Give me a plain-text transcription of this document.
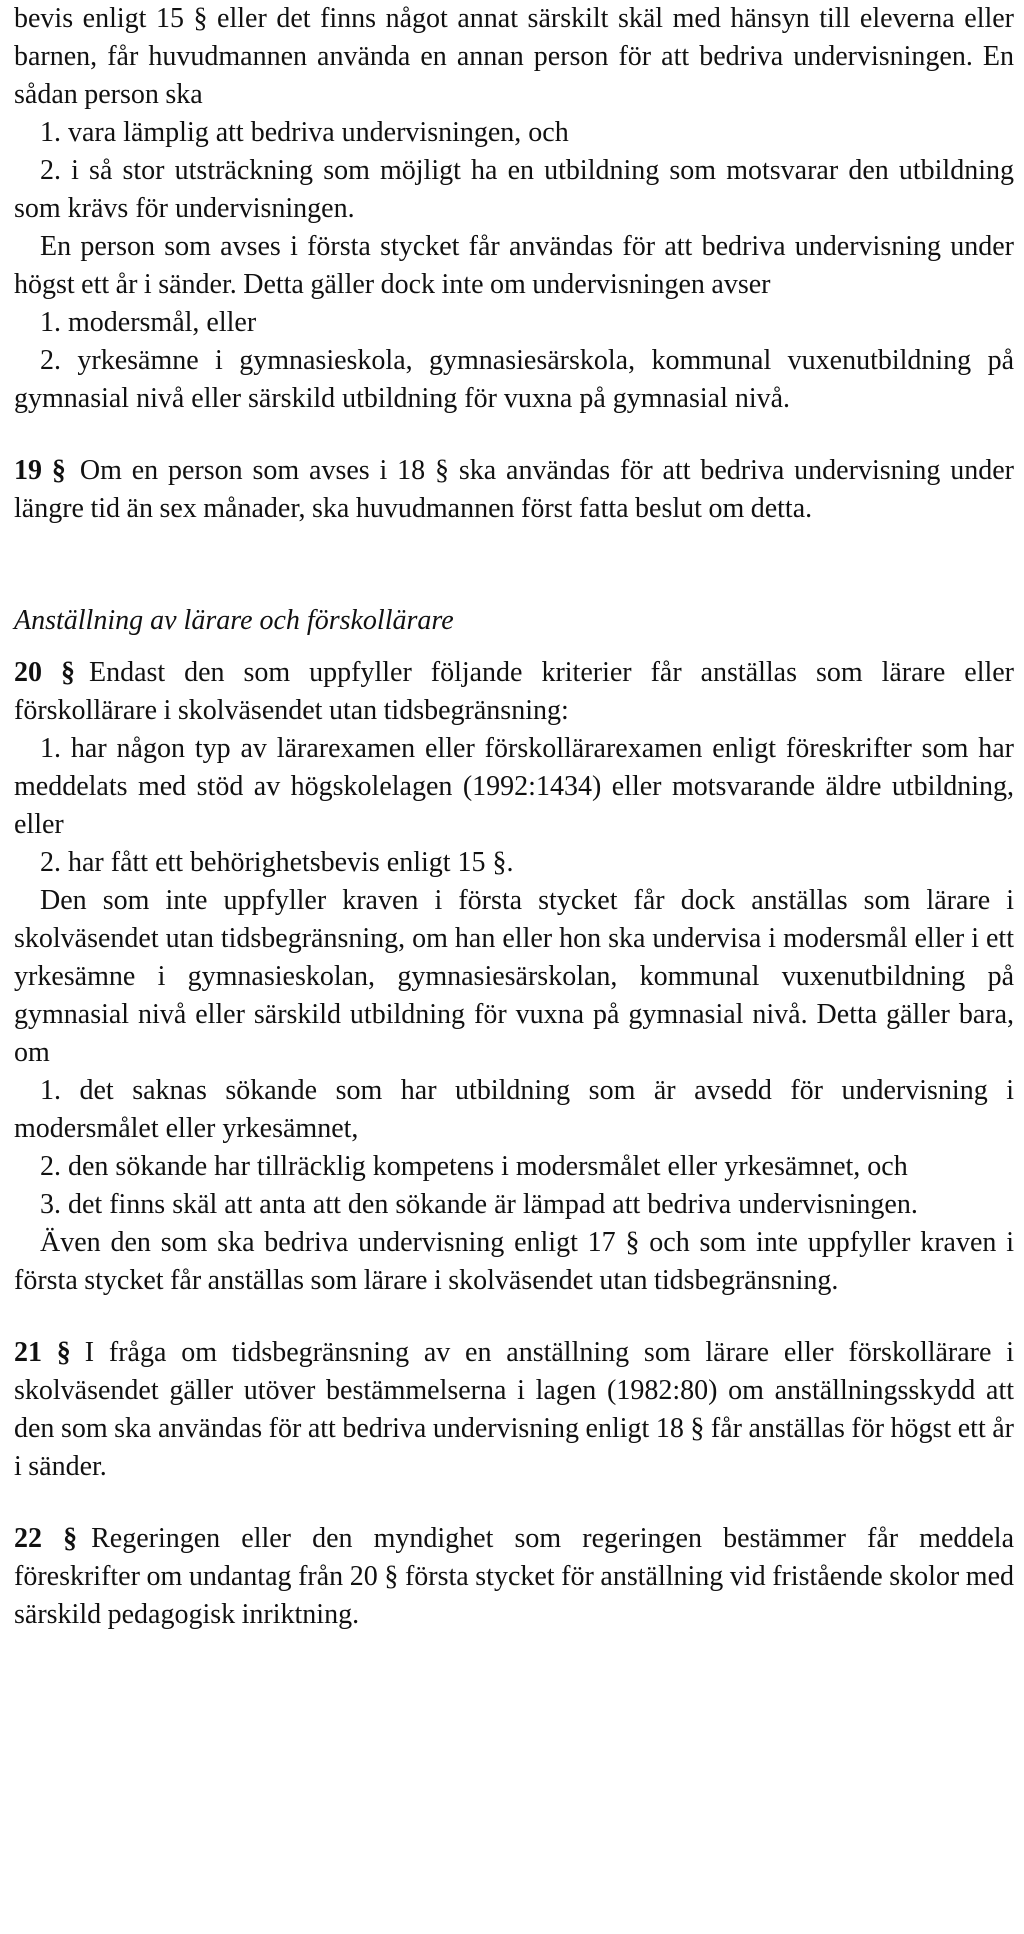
bevis enligt 15 § eller det finns något annat särskilt skäl med hänsyn till eleverna eller barnen, får huvudmannen använda en annan person för att bedriva undervisningen. En sådan person ska

1. vara lämplig att bedriva undervisningen, och

2. i så stor utsträckning som möjligt ha en utbildning som motsvarar den utbildning som krävs för undervisningen.

En person som avses i första stycket får användas för att bedriva undervisning under högst ett år i sänder. Detta gäller dock inte om undervisningen avser

1. modersmål, eller

2. yrkesämne i gymnasieskola, gymnasiesärskola, kommunal vuxenutbildning på gymnasial nivå eller särskild utbildning för vuxna på gymnasial nivå.

19 § Om en person som avses i 18 § ska användas för att bedriva undervisning under längre tid än sex månader, ska huvudmannen först fatta beslut om detta.

Anställning av lärare och förskollärare

20 § Endast den som uppfyller följande kriterier får anställas som lärare eller förskollärare i skolväsendet utan tidsbegränsning:

1. har någon typ av lärarexamen eller förskollärarexamen enligt föreskrifter som har meddelats med stöd av högskolelagen (1992:1434) eller motsvarande äldre utbildning, eller

2. har fått ett behörighetsbevis enligt 15 §.

Den som inte uppfyller kraven i första stycket får dock anställas som lärare i skolväsendet utan tidsbegränsning, om han eller hon ska undervisa i modersmål eller i ett yrkesämne i gymnasieskolan, gymnasiesärskolan, kommunal vuxenutbildning på gymnasial nivå eller särskild utbildning för vuxna på gymnasial nivå. Detta gäller bara, om

1. det saknas sökande som har utbildning som är avsedd för undervisning i modersmålet eller yrkesämnet,

2. den sökande har tillräcklig kompetens i modersmålet eller yrkesämnet, och

3. det finns skäl att anta att den sökande är lämpad att bedriva undervisningen.

Även den som ska bedriva undervisning enligt 17 § och som inte uppfyller kraven i första stycket får anställas som lärare i skolväsendet utan tidsbegränsning.

21 § I fråga om tidsbegränsning av en anställning som lärare eller förskollärare i skolväsendet gäller utöver bestämmelserna i lagen (1982:80) om anställningsskydd att den som ska användas för att bedriva undervisning enligt 18 § får anställas för högst ett år i sänder.

22 § Regeringen eller den myndighet som regeringen bestämmer får meddela föreskrifter om undantag från 20 § första stycket för anställning vid fristående skolor med särskild pedagogisk inriktning.
